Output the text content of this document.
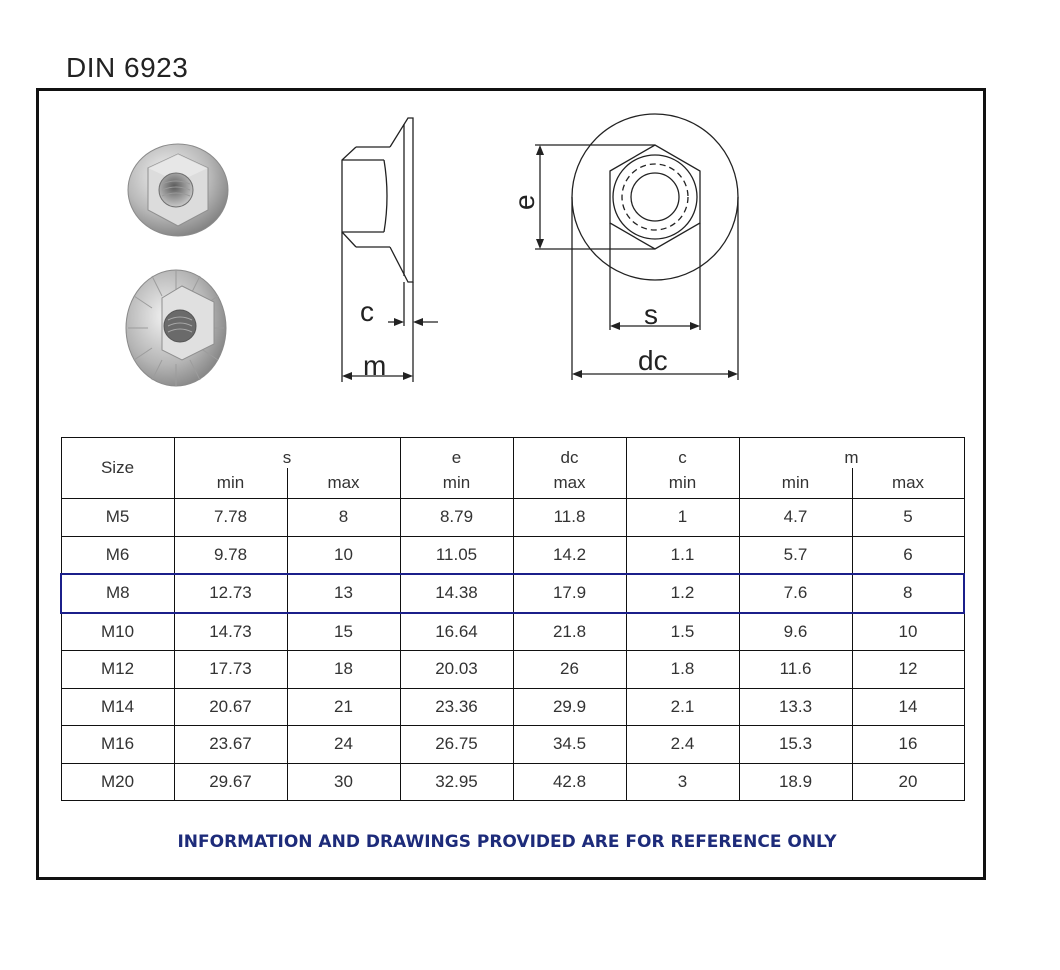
DIN 6923
c
m
e
s
dc
Size	s		e	dc	c	m	
	min	max	min	max	min	min	max
M5	7.78	8	8.79	11.8	1	4.7	5
M6	9.78	10	11.05	14.2	1.1	5.7	6
M8	12.73	13	14.38	17.9	1.2	7.6	8
M10	14.73	15	16.64	21.8	1.5	9.6	10
M12	17.73	18	20.03	26	1.8	11.6	12
M14	20.67	21	23.36	29.9	2.1	13.3	14
M16	23.67	24	26.75	34.5	2.4	15.3	16
M20	29.67	30	32.95	42.8	3	18.9	20
INFORMATION AND DRAWINGS PROVIDED ARE FOR REFERENCE ONLY
